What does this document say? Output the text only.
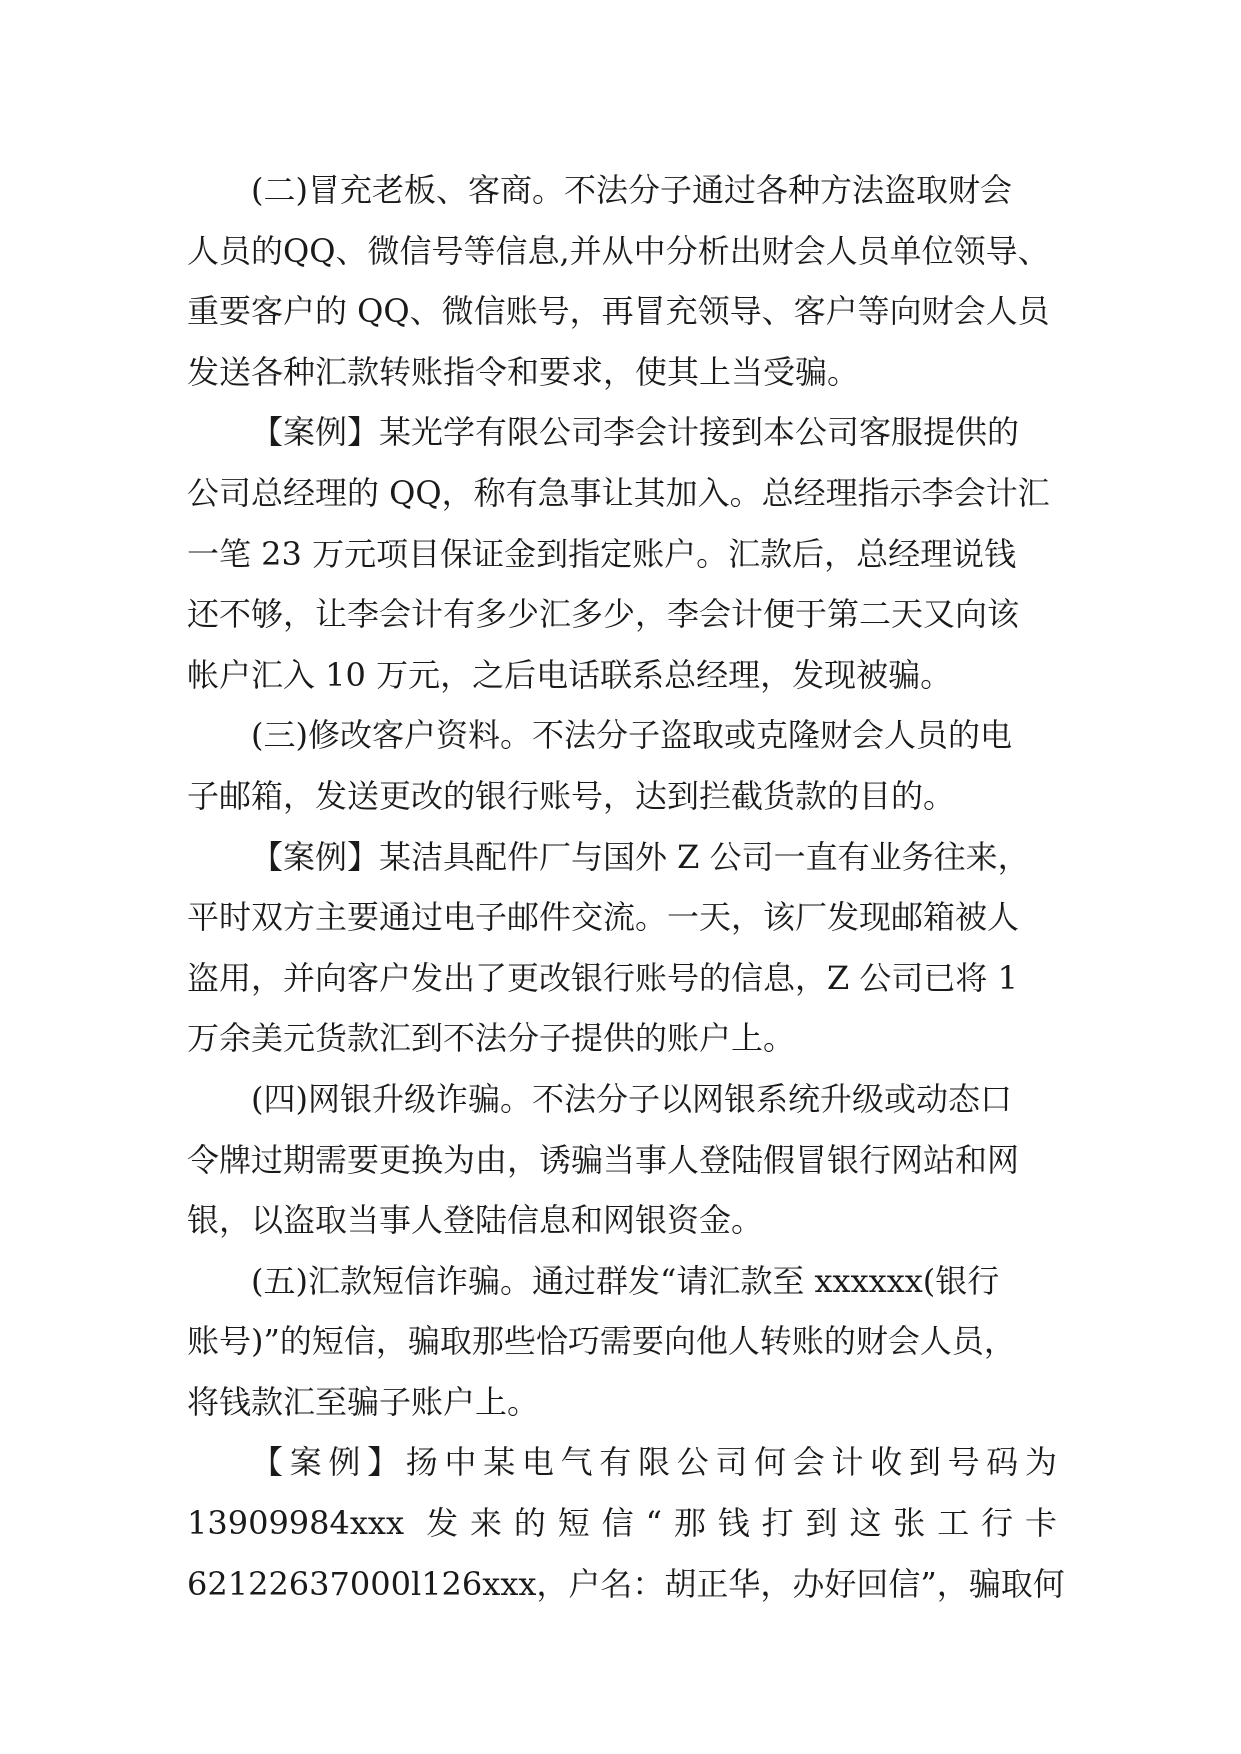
(二)冒充老板、客商。不法分子通过各种方法盗取财会
人员的QQ、微信号等信息,并从中分析出财会人员单位领导、
重要客户的 QQ、微信账号，再冒充领导、客户等向财会人员
发送各种汇款转账指令和要求，使其上当受骗。
【案例】某光学有限公司李会计接到本公司客服提供的
公司总经理的 QQ，称有急事让其加入。总经理指示李会计汇
一笔 23 万元项目保证金到指定账户。汇款后，总经理说钱
还不够，让李会计有多少汇多少，李会计便于第二天又向该
帐户汇入 10 万元，之后电话联系总经理，发现被骗。
(三)修改客户资料。不法分子盗取或克隆财会人员的电
子邮箱，发送更改的银行账号，达到拦截货款的目的。
【案例】某洁具配件厂与国外 Z 公司一直有业务往来，
平时双方主要通过电子邮件交流。一天，该厂发现邮箱被人
盗用，并向客户发出了更改银行账号的信息，Z 公司已将 1
万余美元货款汇到不法分子提供的账户上。
(四)网银升级诈骗。不法分子以网银系统升级或动态口
令牌过期需要更换为由，诱骗当事人登陆假冒银行网站和网
银，以盗取当事人登陆信息和网银资金。
(五)汇款短信诈骗。通过群发“请汇款至 xxxxxx(银行
账号)”的短信，骗取那些恰巧需要向他人转账的财会人员，
将钱款汇至骗子账户上。
【案例】扬中某电气有限公司何会计收到号码为
13909984xxx 发来的短信“那钱打到这张工行卡
62122637000l126xxx，户名：胡正华，办好回信”，骗取何
